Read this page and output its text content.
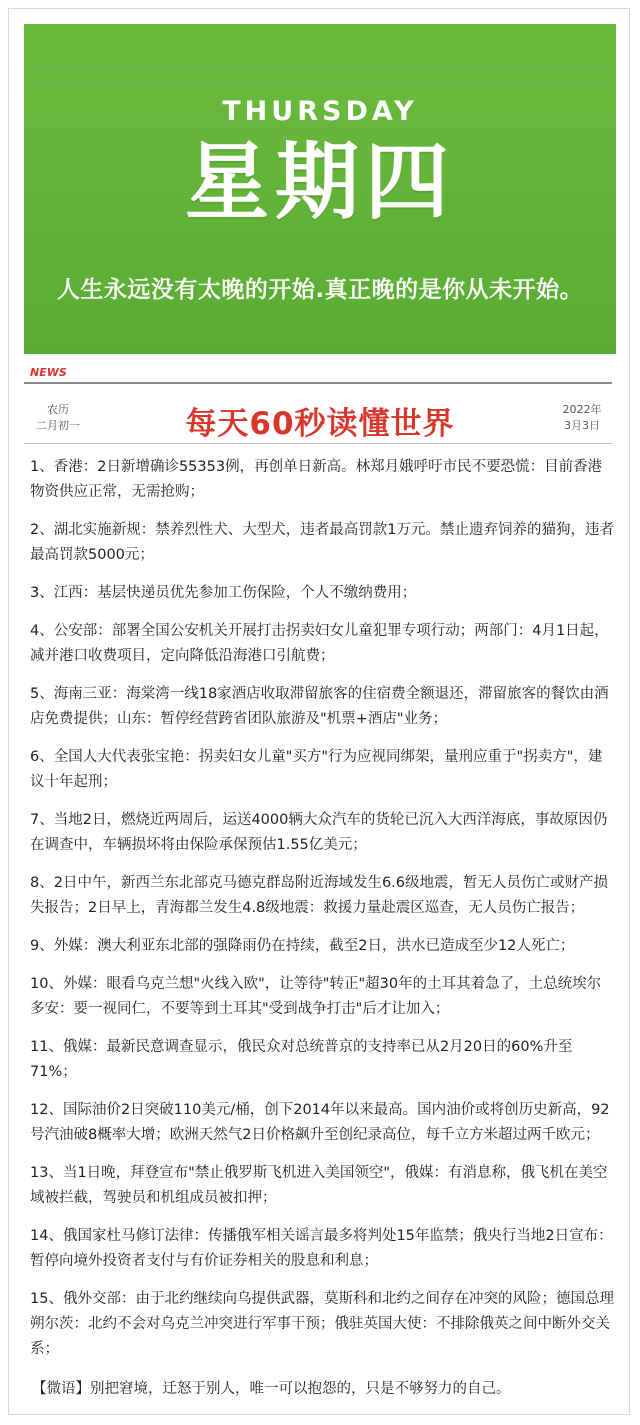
THURSDAY
星期四
人生永远没有太晚的开始.真正晚的是你从未开始。
NEWS
农历
二月初一	每天60秒读懂世界	2022年
3月3日
1、香港：2日新增确诊55353例，再创单日新高。林郑月娥呼吁市民不要恐慌：目前香港物资供应正常，无需抢购；
2、湖北实施新规：禁养烈性犬、大型犬，违者最高罚款1万元。禁止遗弃饲养的猫狗，违者最高罚款5000元；
3、江西：基层快递员优先参加工伤保险，个人不缴纳费用；
4、公安部：部署全国公安机关开展打击拐卖妇女儿童犯罪专项行动；两部门：4月1日起，减并港口收费项目，定向降低沿海港口引航费；
5、海南三亚：海棠湾一线18家酒店收取滞留旅客的住宿费全额退还，滞留旅客的餐饮由酒店免费提供；山东：暂停经营跨省团队旅游及"机票+酒店"业务；
6、全国人大代表张宝艳：拐卖妇女儿童"买方"行为应视同绑架，量刑应重于"拐卖方"，建议十年起刑；
7、当地2日，燃烧近两周后，运送4000辆大众汽车的货轮已沉入大西洋海底，事故原因仍在调查中，车辆损坏将由保险承保预估1.55亿美元；
8、2日中午，新西兰东北部克马德克群岛附近海域发生6.6级地震，暂无人员伤亡或财产损失报告；2日早上，青海都兰发生4.8级地震：救援力量赴震区巡查，无人员伤亡报告；
9、外媒：澳大利亚东北部的强降雨仍在持续，截至2日，洪水已造成至少12人死亡；
10、外媒：眼看乌克兰想"火线入欧"，让等待"转正"超30年的土耳其着急了，土总统埃尔多安：要一视同仁，不要等到土耳其"受到战争打击"后才让加入；
11、俄媒：最新民意调查显示，俄民众对总统普京的支持率已从2月20日的60%升至71%；
12、国际油价2日突破110美元/桶，创下2014年以来最高。国内油价或将创历史新高，92号汽油破8概率大增；欧洲天然气2日价格飙升至创纪录高位，每千立方米超过两千欧元；
13、当1日晚，拜登宣布"禁止俄罗斯飞机进入美国领空"，俄媒：有消息称，俄飞机在美空域被拦截，驾驶员和机组成员被扣押；
14、俄国家杜马修订法律：传播俄军相关谣言最多将判处15年监禁；俄央行当地2日宣布：暂停向境外投资者支付与有价证券相关的股息和利息；
15、俄外交部：由于北约继续向乌提供武器，莫斯科和北约之间存在冲突的风险；德国总理朔尔茨：北约不会对乌克兰冲突进行军事干预；俄驻英国大使：不排除俄英之间中断外交关系；
【微语】别把窘境，迁怒于别人，唯一可以抱怨的，只是不够努力的自己。
